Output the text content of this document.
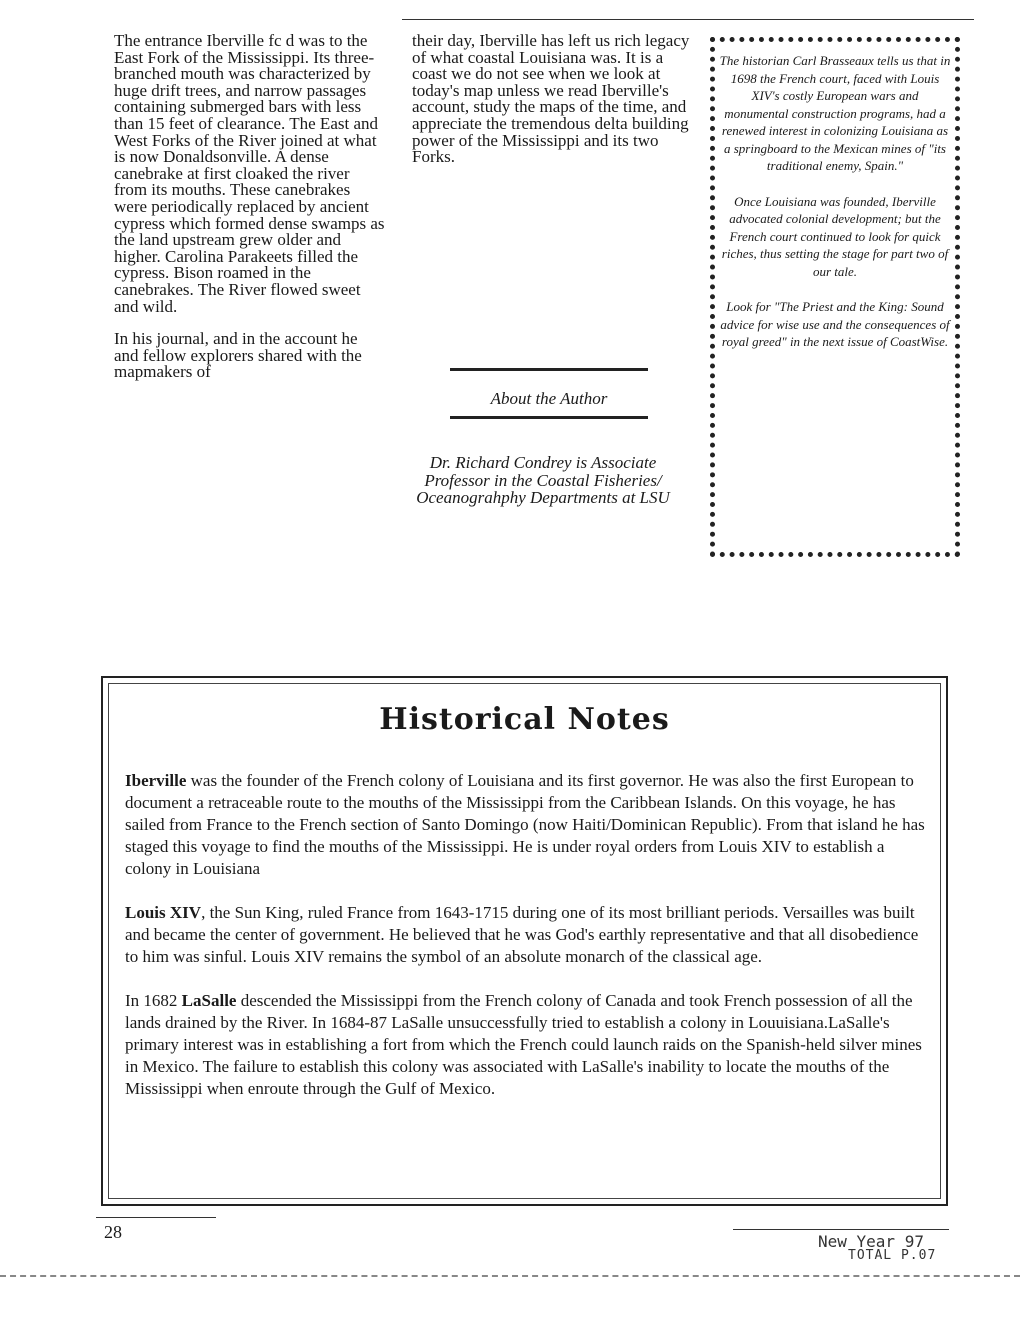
The entrance Iberville fc d was to the East Fork of the Mississippi. Its three-branched mouth was characterized by huge drift trees, and narrow passages containing submerged bars with less than 15 feet of clearance. The East and West Forks of the River joined at what is now Donaldsonville. A dense canebrake at first cloaked the river from its mouths. These canebrakes were periodically replaced by ancient cypress which formed dense swamps as the land upstream grew older and higher. Carolina Parakeets filled the cypress. Bison roamed in the canebrakes. The River flowed sweet and wild.

In his journal, and in the account he and fellow explorers shared with the mapmakers of

their day, Iberville has left us rich legacy of what coastal Louisiana was. It is a coast we do not see when we look at today's map unless we read Iberville's account, study the maps of the time, and appreciate the tremendous delta building power of the Mississippi and its two Forks.

About the Author
Dr. Richard Condrey is Associate Professor in the Coastal Fisheries/ Oceanograhphy Departments at LSU

The historian Carl Brasseaux tells us that in 1698 the French court, faced with Louis XIV's costly European wars and monumental construction programs, had a renewed interest in colonizing Louisiana as a springboard to the Mexican mines of "its traditional enemy, Spain."

Once Louisiana was founded, Iberville advocated colonial development; but the French court continued to look for quick riches, thus setting the stage for part two of our tale.

Look for "The Priest and the King: Sound advice for wise use and the consequences of royal greed" in the next issue of CoastWise.

Historical Notes

Iberville was the founder of the French colony of Louisiana and its first governor. He was also the first European to document a retraceable route to the mouths of the Mississippi from the Caribbean Islands. On this voyage, he has sailed from France to the French section of Santo Domingo (now Haiti/Dominican Republic). From that island he has staged this voyage to find the mouths of the Mississippi. He is under royal orders from Louis XIV to establish a colony in Louisiana

Louis XIV, the Sun King, ruled France from 1643-1715 during one of its most brilliant periods. Versailles was built and became the center of government. He believed that he was God's earthly representative and that all disobedience to him was sinful. Louis XIV remains the symbol of an absolute monarch of the classical age.

In 1682 LaSalle descended the Mississippi from the French colony of Canada and took French possession of all the lands drained by the River. In 1684-87 LaSalle unsuccessfully tried to establish a colony in Louuisiana.LaSalle's primary interest was in establishing a fort from which the French could launch raids on the Spanish-held silver mines in Mexico. The failure to establish this colony was associated with LaSalle's inability to locate the mouths of the Mississippi when enroute through the Gulf of Mexico.

28	New Year 97
TOTAL P.07
